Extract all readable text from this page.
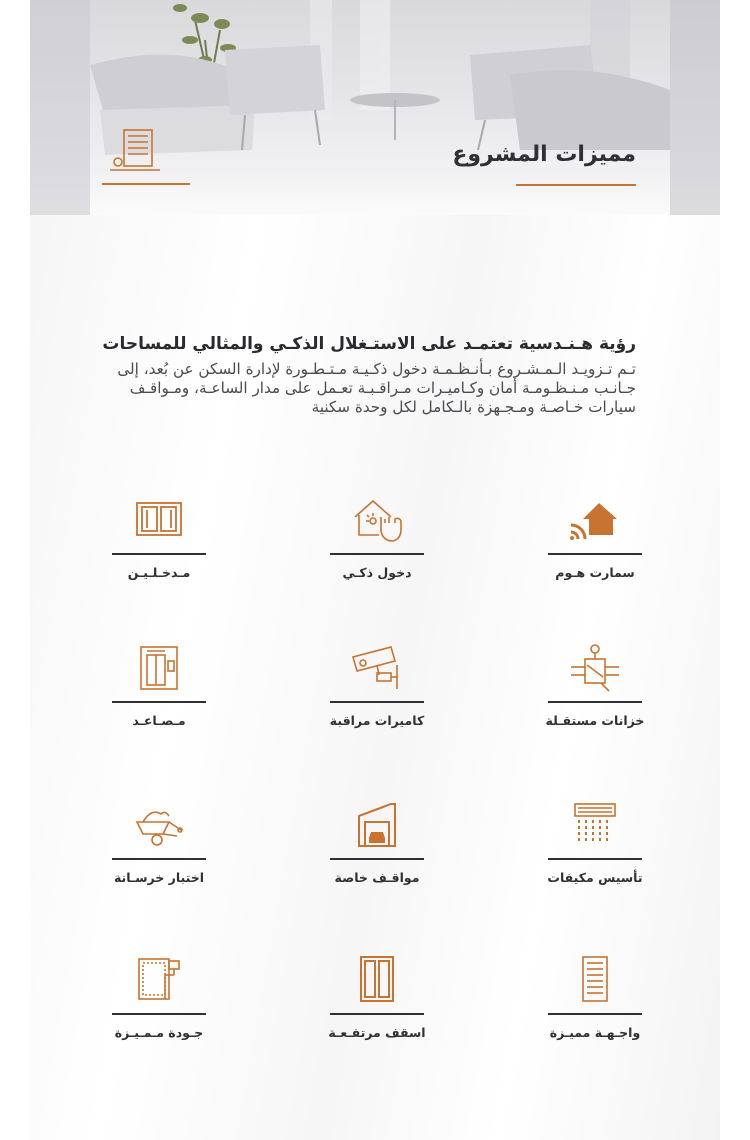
مميزات المشروع

رؤية هـنـدسية تعتمـد على الاستـغلال الذكـي والمثالي للمساحات

تـم تـزويـد الـمـشـروع بـأنـظـمـة دخول ذكـيـة مـتـطـورة لإدارة السكن عن بُعد، إلى جـانـب مـنـظـومـة أمان وكـاميـرات مـراقـبـة تعـمل على مدار الساعـة، ومـواقـف سيارات خـاصـة ومـجـهزة بالـكامل لكل وحدة سكنية

سمارت هـوم
دخول ذكـي
مـدخـلـيـن
خزانات مستقـلة
كاميرات مراقبة
مـصـاعـد
تأسيس مكيفات
مواقـف خاصة
اختبار خرسـانة
واجـهـة مميـزة
اسقف مرتفـعـة
جـودة مـمـيـزة
